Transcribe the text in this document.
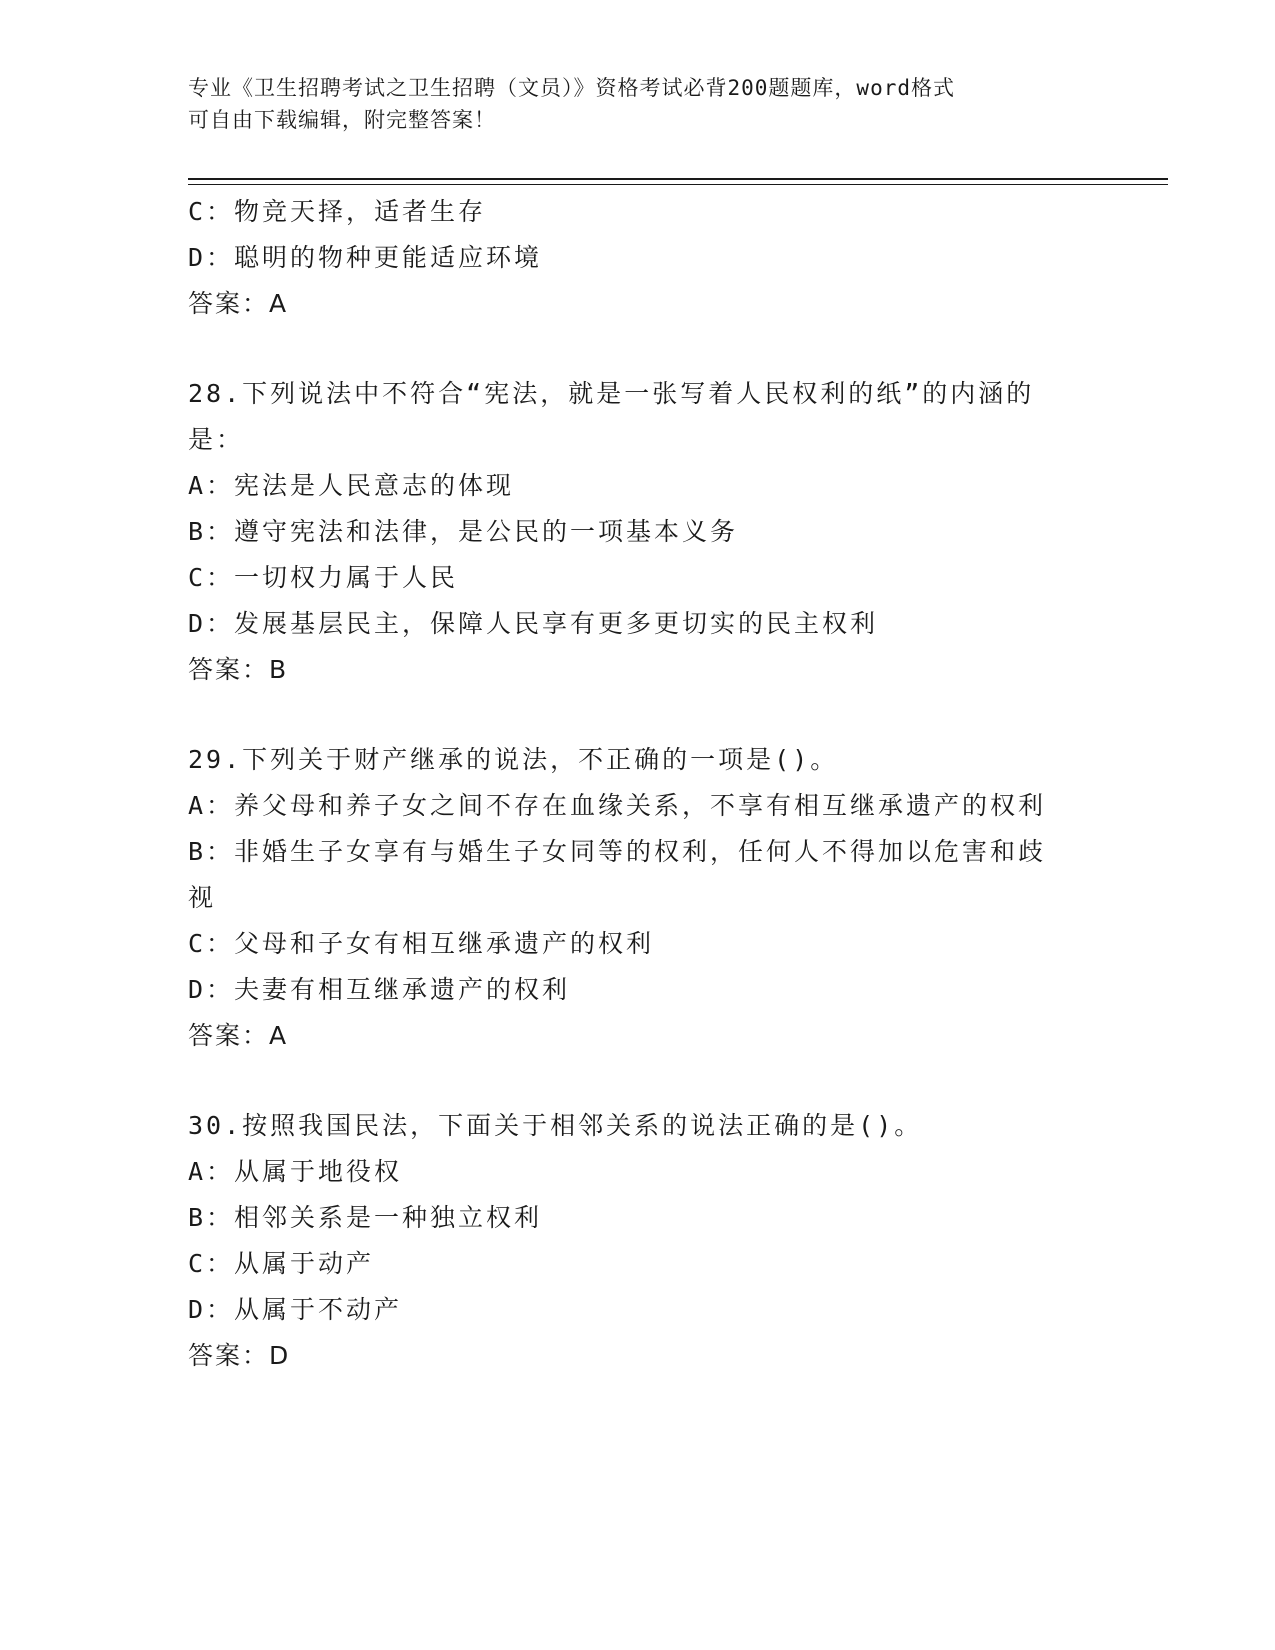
专业《卫生招聘考试之卫生招聘（文员）》资格考试必背200题题库，word格式
可自由下载编辑，附完整答案！
C：物竞天择，适者生存
D：聪明的物种更能适应环境
答案：A
28.下列说法中不符合“宪法，就是一张写着人民权利的纸”的内涵的
是：
A：宪法是人民意志的体现
B：遵守宪法和法律，是公民的一项基本义务
C：一切权力属于人民
D：发展基层民主，保障人民享有更多更切实的民主权利
答案：B
29.下列关于财产继承的说法，不正确的一项是()。
A：养父母和养子女之间不存在血缘关系，不享有相互继承遗产的权利
B：非婚生子女享有与婚生子女同等的权利，任何人不得加以危害和歧
视
C：父母和子女有相互继承遗产的权利
D：夫妻有相互继承遗产的权利
答案：A
30.按照我国民法，下面关于相邻关系的说法正确的是()。
A：从属于地役权
B：相邻关系是一种独立权利
C：从属于动产
D：从属于不动产
答案：D
